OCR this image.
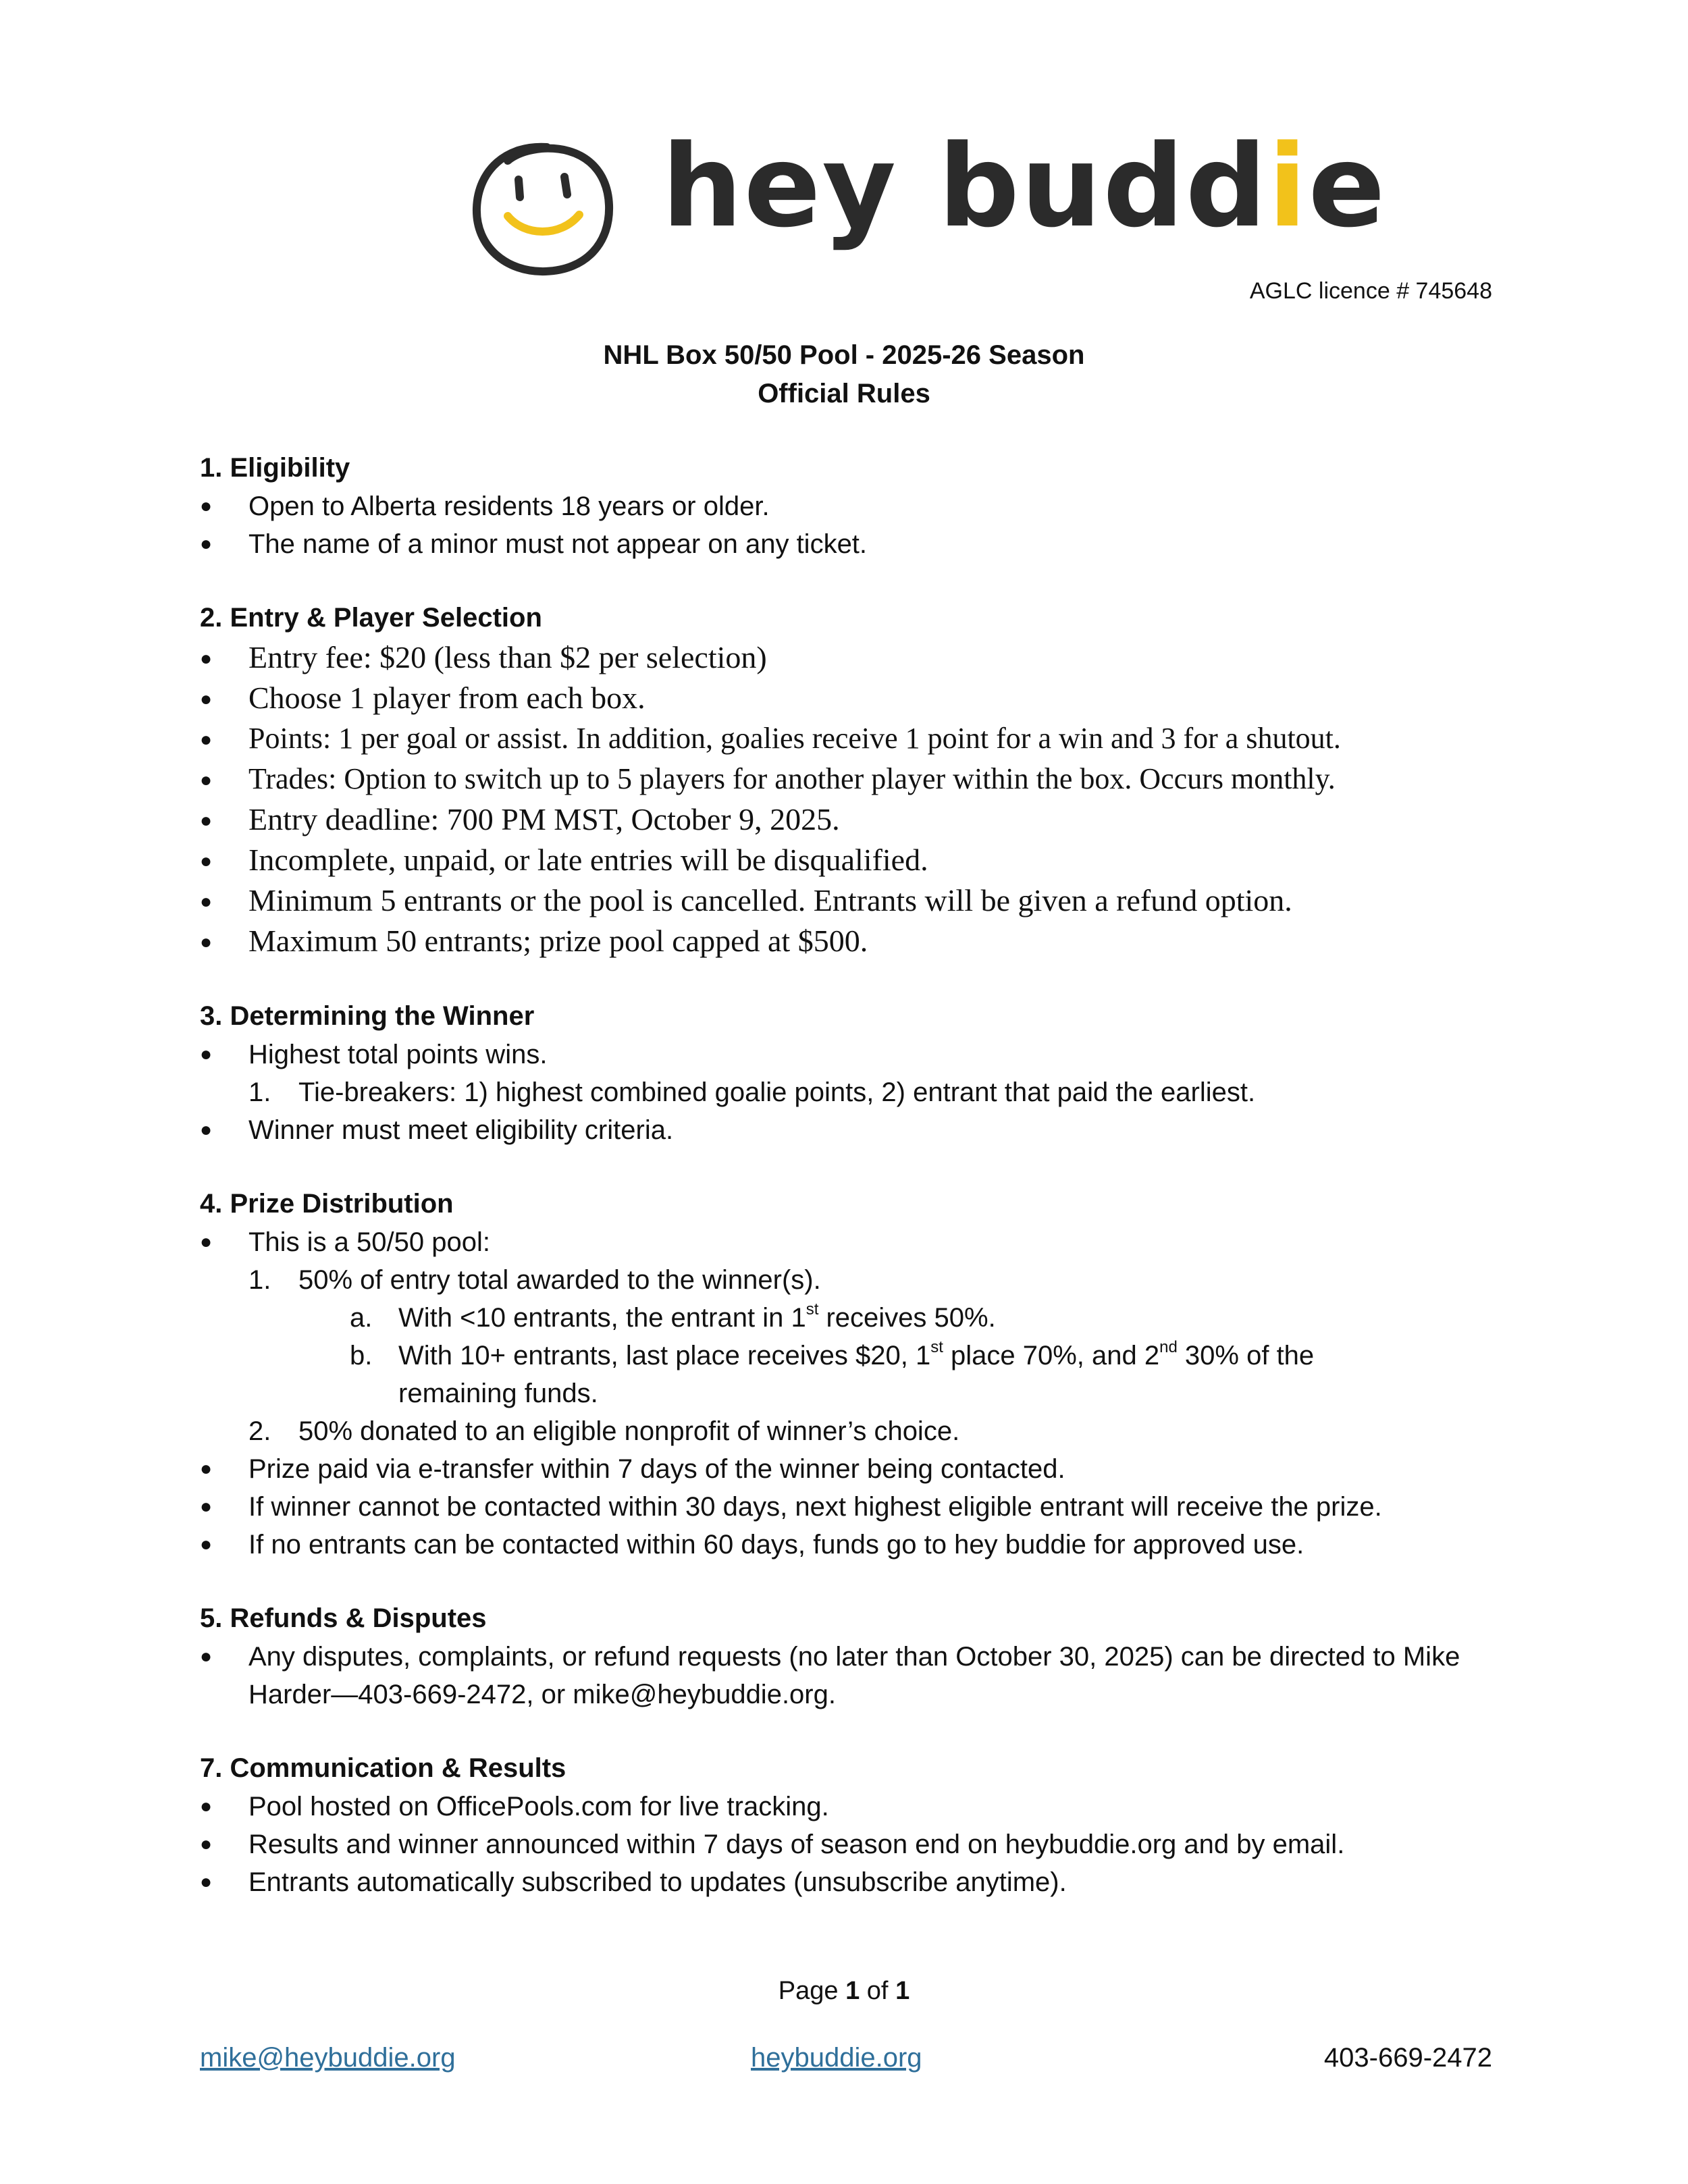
hey buddie
AGLC licence # 745648
NHL Box 50/50 Pool - 2025-26 Season
Official Rules
1. Eligibility
●	Open to Alberta residents 18 years or older.
●	The name of a minor must not appear on any ticket.
2. Entry & Player Selection
●	Entry fee: $20 (less than $2 per selection)
●	Choose 1 player from each box.
●	Points: 1 per goal or assist. In addition, goalies receive 1 point for a win and 3 for a shutout.
●	Trades: Option to switch up to 5 players for another player within the box. Occurs monthly.
●	Entry deadline: 700 PM MST, October 9, 2025.
●	Incomplete, unpaid, or late entries will be disqualified.
●	Minimum 5 entrants or the pool is cancelled. Entrants will be given a refund option.
●	Maximum 50 entrants; prize pool capped at $500.
3. Determining the Winner
●	Highest total points wins.
1.	Tie-breakers: 1) highest combined goalie points, 2) entrant that paid the earliest.
●	Winner must meet eligibility criteria.
4. Prize Distribution
●	This is a 50/50 pool:
1.	50% of entry total awarded to the winner(s).
a. With <10 entrants, the entrant in 1st receives 50%.
b. With 10+ entrants, last place receives $20, 1st place 70%, and 2nd 30% of the remaining funds.
2.	50% donated to an eligible nonprofit of winner’s choice.
●	Prize paid via e-transfer within 7 days of the winner being contacted.
●	If winner cannot be contacted within 30 days, next highest eligible entrant will receive the prize.
●	If no entrants can be contacted within 60 days, funds go to hey buddie for approved use.
5. Refunds & Disputes
●	Any disputes, complaints, or refund requests (no later than October 30, 2025) can be directed to Mike Harder—403-669-2472, or mike@heybuddie.org.
7. Communication & Results
●	Pool hosted on OfficePools.com for live tracking.
●	Results and winner announced within 7 days of season end on heybuddie.org and by email.
●	Entrants automatically subscribed to updates (unsubscribe anytime).
Page 1 of 1
mike@heybuddie.org	heybuddie.org	403-669-2472
